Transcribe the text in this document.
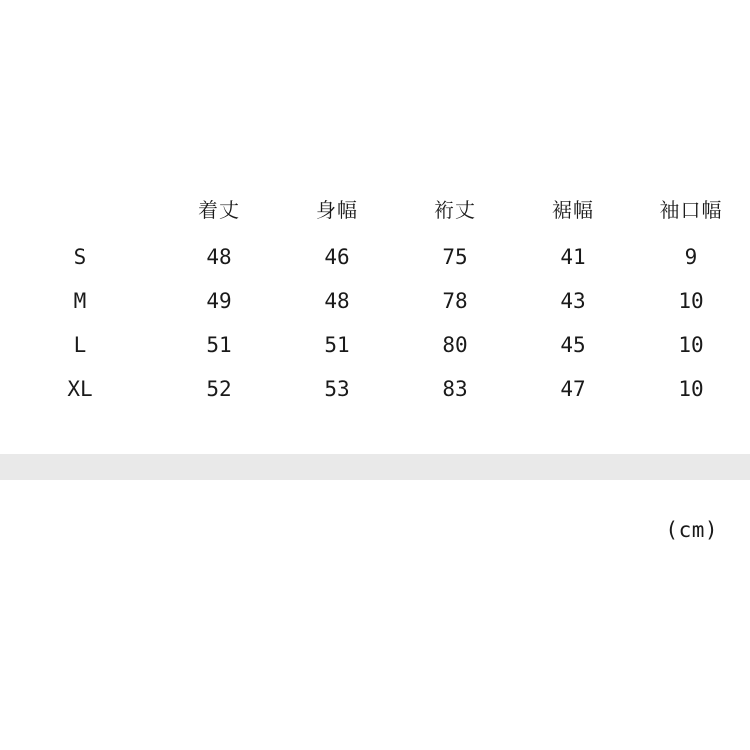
	着丈	身幅	裄丈	裾幅	袖口幅
S	48	46	75	41	9
M	49	48	78	43	10
L	51	51	80	45	10
XL	52	53	83	47	10
(cm)
